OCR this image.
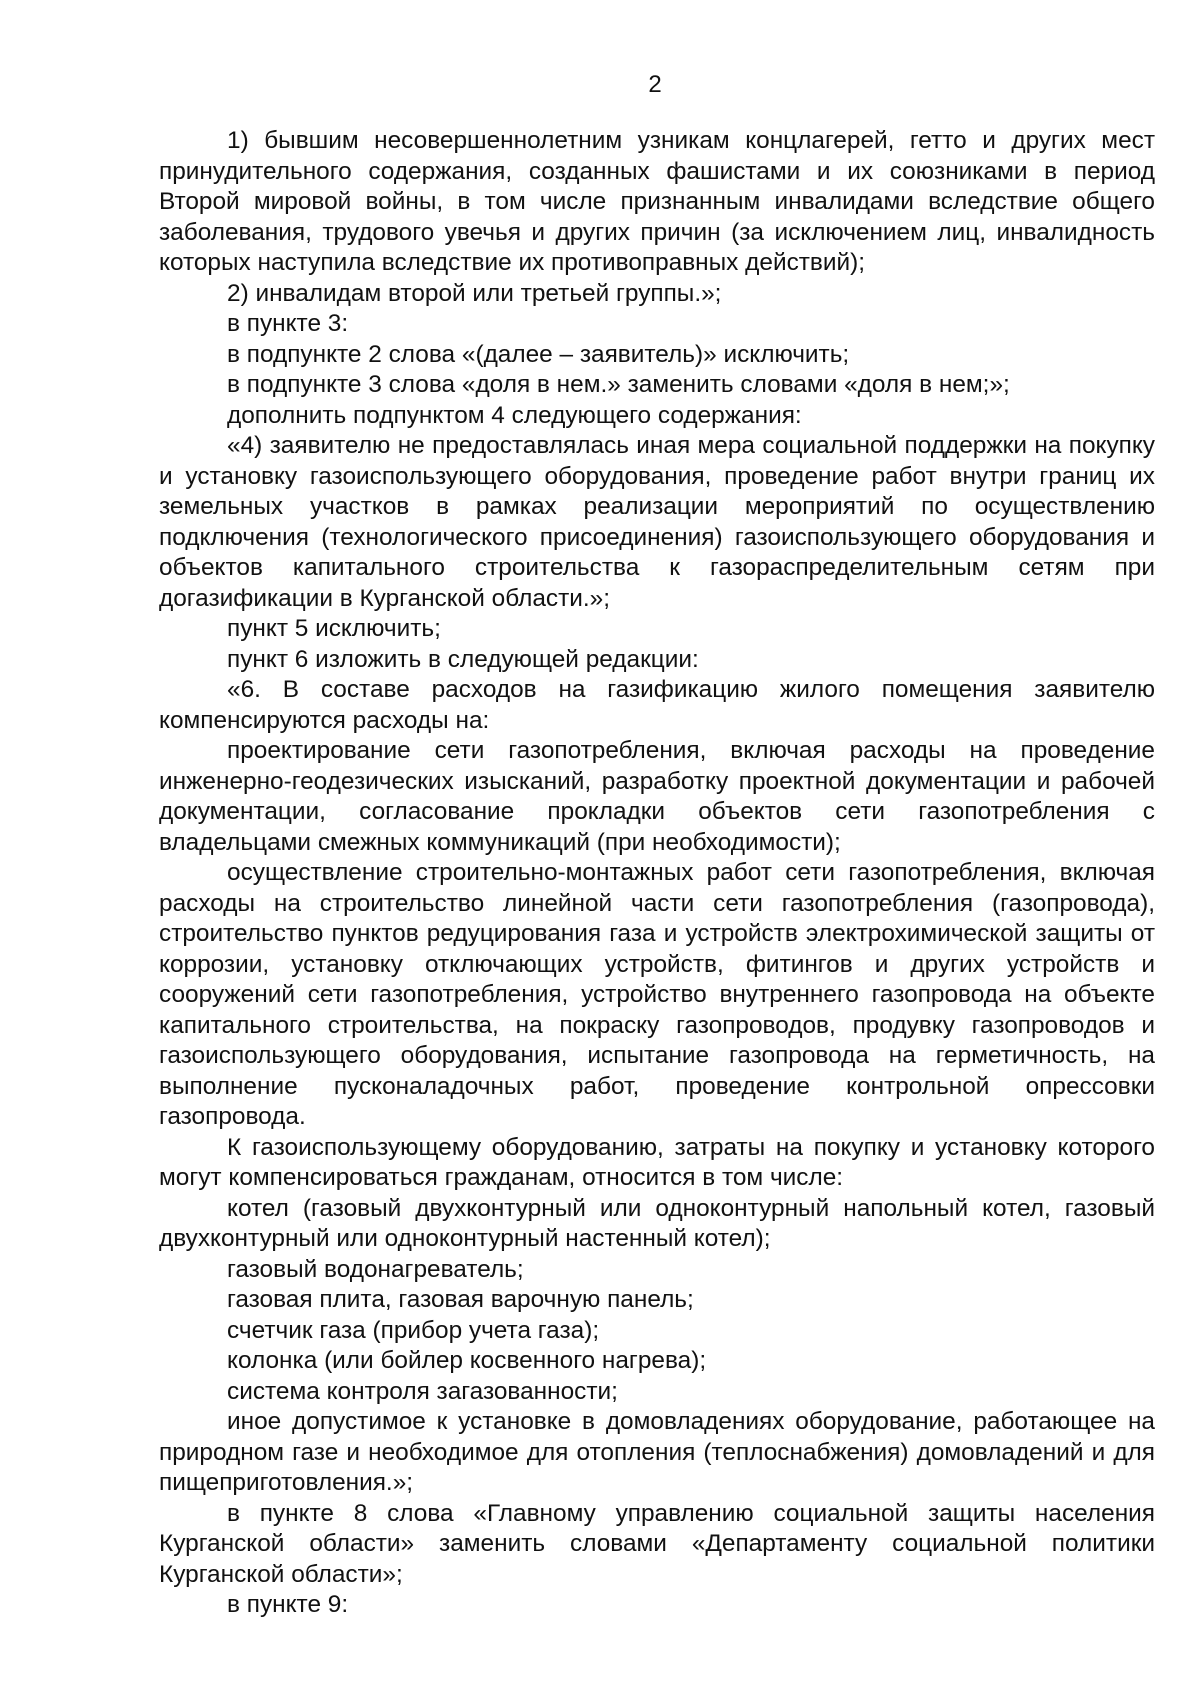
2

1) бывшим несовершеннолетним узникам концлагерей, гетто и других мест принудительного содержания, созданных фашистами и их союзниками в период Второй мировой войны, в том числе признанным инвалидами вследствие общего заболевания, трудового увечья и других причин (за исключением лиц, инвалидность которых наступила вследствие их противоправных действий);

2) инвалидам второй или третьей группы.»;

в пункте 3:

в подпункте 2 слова «(далее – заявитель)» исключить;

в подпункте 3 слова «доля в нем.» заменить словами «доля в нем;»;

дополнить подпунктом 4 следующего содержания:

«4) заявителю не предоставлялась иная мера социальной поддержки на покупку и установку газоиспользующего оборудования, проведение работ внутри границ их земельных участков в рамках реализации мероприятий по осуществлению подключения (технологического присоединения) газоиспользующего оборудования и объектов капитального строительства к газораспределительным сетям при догазификации в Курганской области.»;

пункт 5 исключить;

пункт 6 изложить в следующей редакции:

«6. В составе расходов на газификацию жилого помещения заявителю компенсируются расходы на:

проектирование сети газопотребления, включая расходы на проведение инженерно-геодезических изысканий, разработку проектной документации и рабочей документации, согласование прокладки объектов сети газопотребления с владельцами смежных коммуникаций (при необходимости);

осуществление строительно-монтажных работ сети газопотребления, включая расходы на строительство линейной части сети газопотребления (газопровода), строительство пунктов редуцирования газа и устройств электрохимической защиты от коррозии, установку отключающих устройств, фитингов и других устройств и сооружений сети газопотребления, устройство внутреннего газопровода на объекте капитального строительства, на покраску газопроводов, продувку газопроводов и газоиспользующего оборудования, испытание газопровода на герметичность, на выполнение пусконаладочных работ, проведение контрольной опрессовки газопровода.

К газоиспользующему оборудованию, затраты на покупку и установку которого могут компенсироваться гражданам, относится в том числе:

котел (газовый двухконтурный или одноконтурный напольный котел, газовый двухконтурный или одноконтурный настенный котел);

газовый водонагреватель;

газовая плита, газовая варочную панель;

счетчик газа (прибор учета газа);

колонка (или бойлер косвенного нагрева);

система контроля загазованности;

иное допустимое к установке в домовладениях оборудование, работающее на природном газе и необходимое для отопления (теплоснабжения) домовладений и для пищеприготовления.»;

в пункте 8 слова «Главному управлению социальной защиты населения Курганской области» заменить словами «Департаменту социальной политики Курганской области»;

в пункте 9:
